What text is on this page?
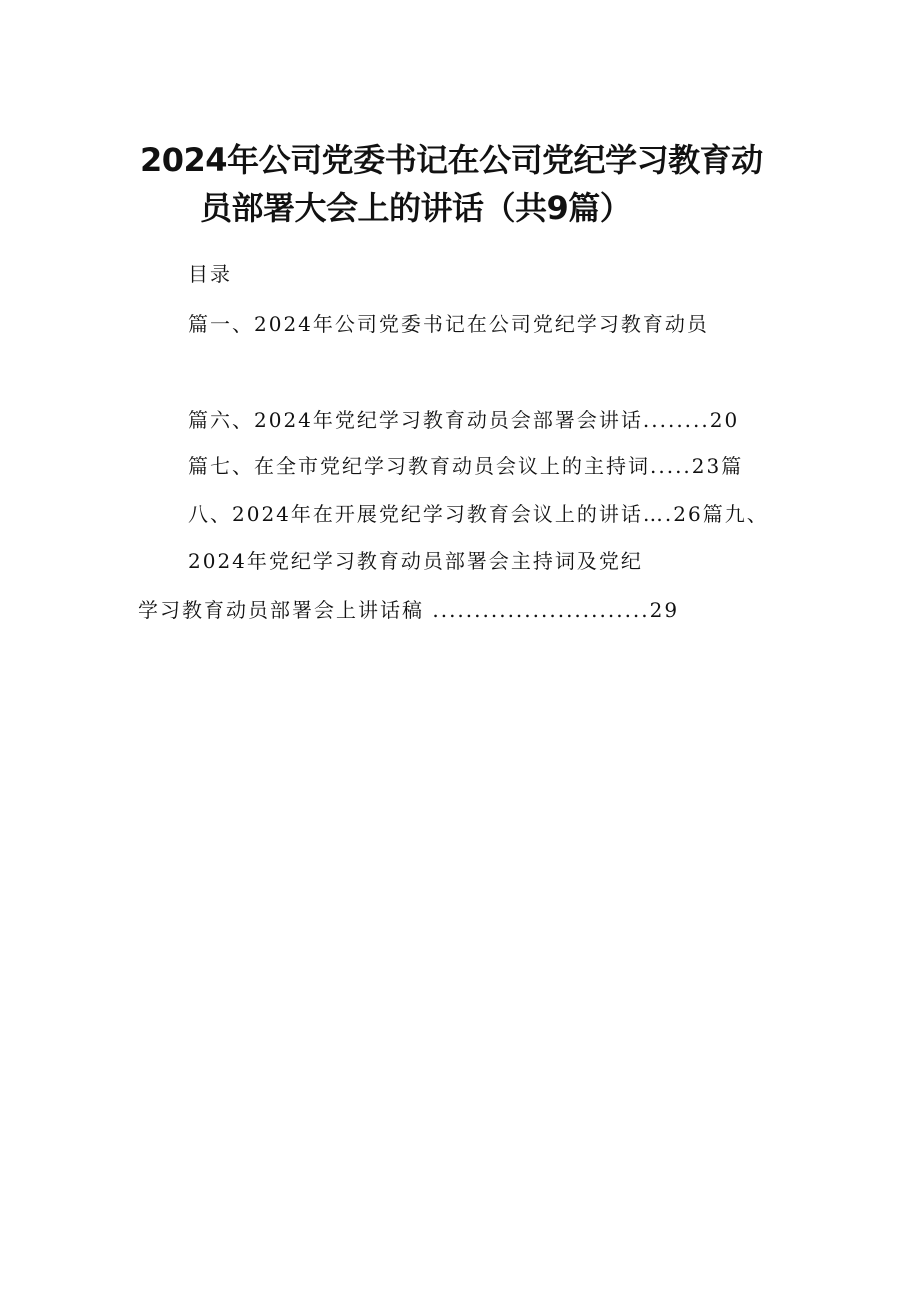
2024年公司党委书记在公司党纪学习教育动
员部署大会上的讲话（共9篇）
目录
篇一、2024年公司党委书记在公司党纪学习教育动员
篇六、2024年党纪学习教育动员会部署会讲话........20
篇七、在全市党纪学习教育动员会议上的主持词.....23篇
八、2024年在开展党纪学习教育会议上的讲话….26篇九、
2024年党纪学习教育动员部署会主持词及党纪
学习教育动员部署会上讲话稿 ..........................29
